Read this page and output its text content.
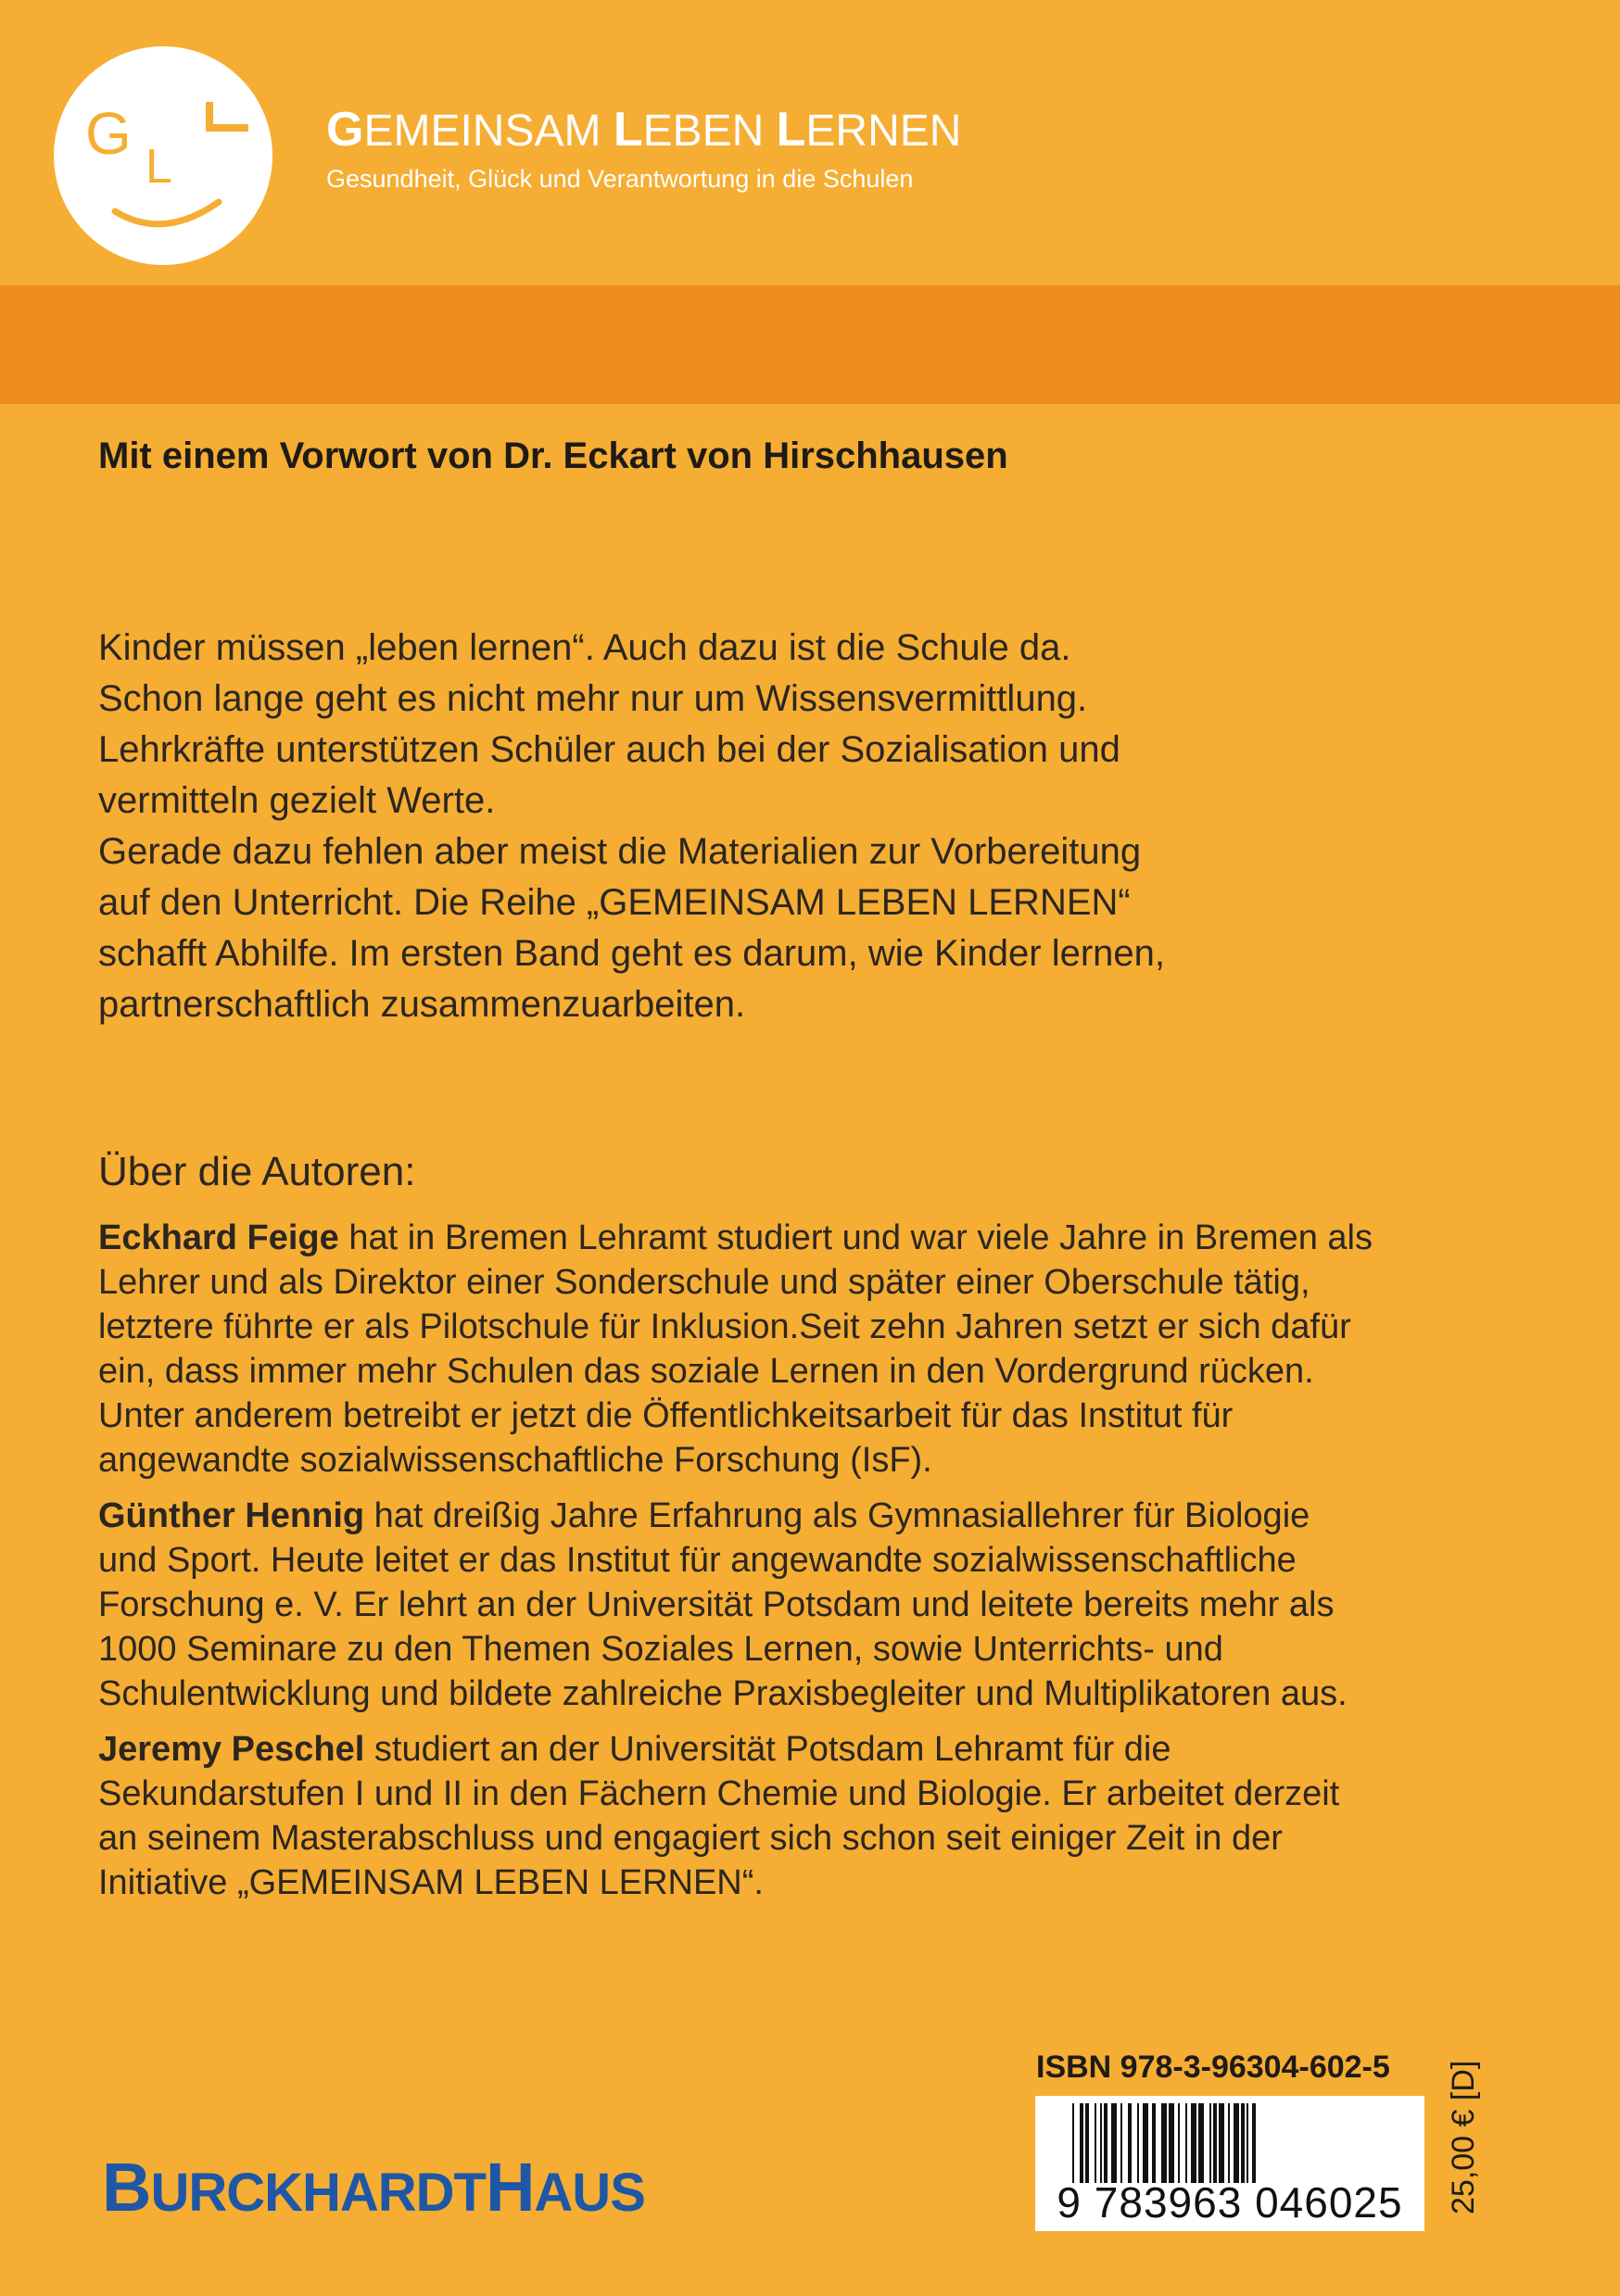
G L
GEMEINSAM LEBEN LERNEN
Gesundheit, Glück und Verantwortung in die Schulen
Mit einem Vorwort von Dr. Eckart von Hirschhausen

Kinder müssen „leben lernen“. Auch dazu ist die Schule da.

Schon lange geht es nicht mehr nur um Wissensvermittlung.

Lehrkräfte unterstützen Schüler auch bei der Sozialisation und

vermitteln gezielt Werte.

Gerade dazu fehlen aber meist die Materialien zur Vorbereitung

auf den Unterricht. Die Reihe „GEMEINSAM LEBEN LERNEN“

schafft Abhilfe. Im ersten Band geht es darum, wie Kinder lernen,

partnerschaftlich zusammenzuarbeiten.

Über die Autoren:

Eckhard Feige hat in Bremen Lehramt studiert und war viele Jahre in Bremen als Lehrer und als Direktor einer Sonderschule und später einer Oberschule tätig, letztere führte er als Pilotschule für Inklusion.Seit zehn Jahren setzt er sich dafür ein, dass immer mehr Schulen das soziale Lernen in den Vordergrund rücken. Unter anderem betreibt er jetzt die Öffentlichkeitsarbeit für das Institut für angewandte sozialwissenschaftliche Forschung (IsF).

Günther Hennig hat dreißig Jahre Erfahrung als Gymnasiallehrer für Biologie und Sport. Heute leitet er das Institut für angewandte sozialwissenschaftliche Forschung e. V. Er lehrt an der Universität Potsdam und leitete bereits mehr als 1000 Seminare zu den Themen Soziales Lernen, sowie Unterrichts- und Schulentwicklung und bildete zahlreiche Praxisbegleiter und Multiplikatoren aus.

Jeremy Peschel studiert an der Universität Potsdam Lehramt für die Sekundarstufen I und II in den Fächern Chemie und Biologie. Er arbeitet derzeit an seinem Masterabschluss und engagiert sich schon seit einiger Zeit in der Initiative „GEMEINSAM LEBEN LERNEN“.

BURCKHARDTHAUS
ISBN 978-3-96304-602-5
9 783963 046025	25,00 € [D]
